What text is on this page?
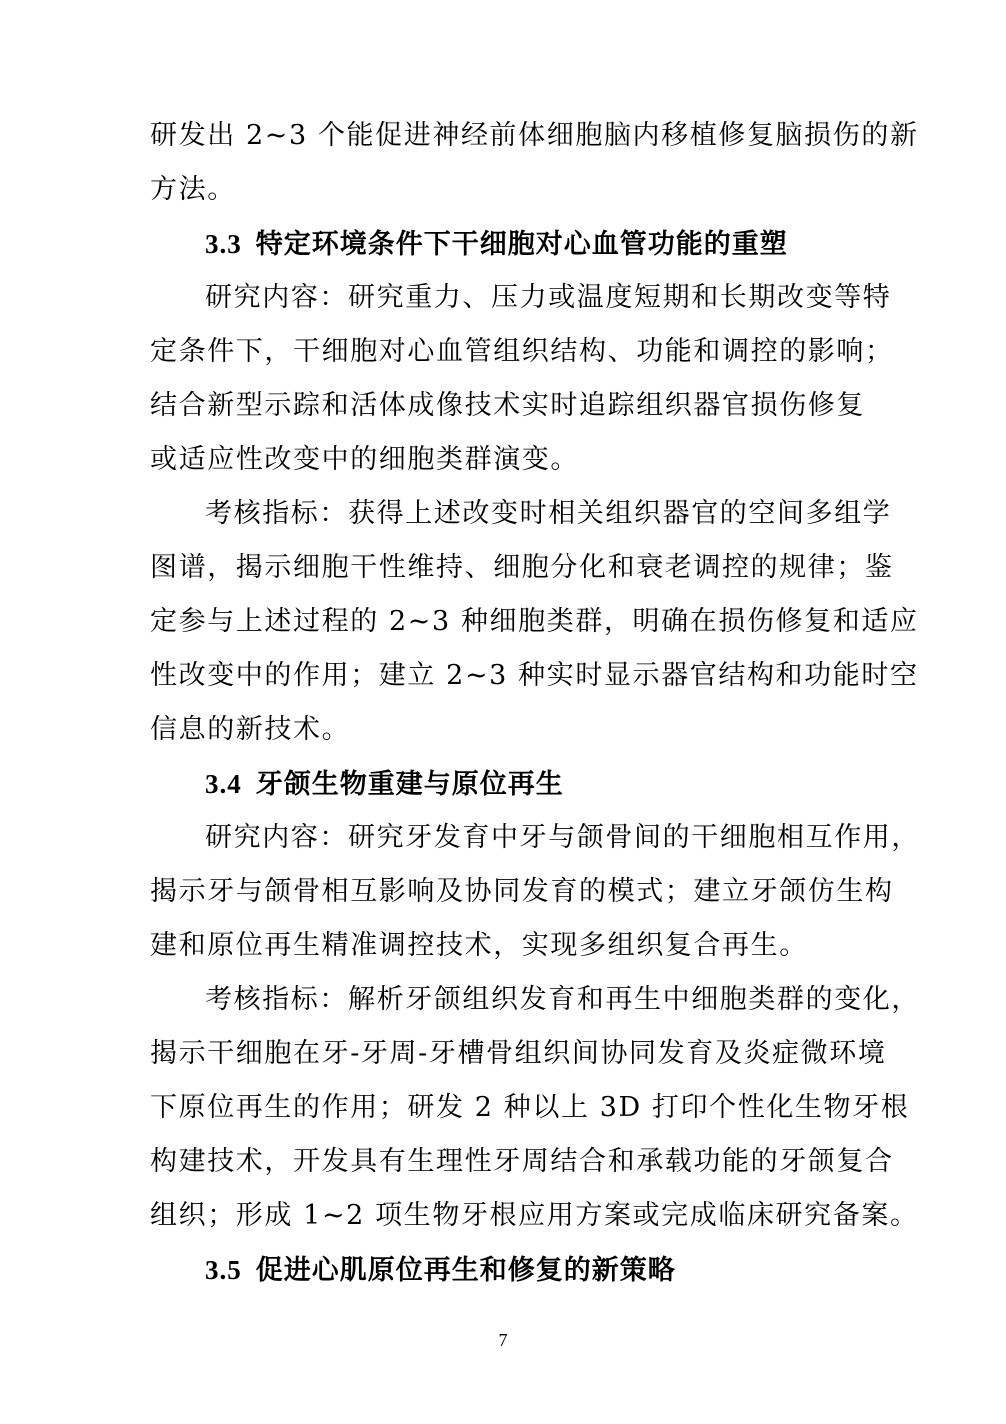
研发出 2~3 个能促进神经前体细胞脑内移植修复脑损伤的新
方法。
3.3 特定环境条件下干细胞对心血管功能的重塑
研究内容：研究重力、压力或温度短期和长期改变等特
定条件下，干细胞对心血管组织结构、功能和调控的影响；
结合新型示踪和活体成像技术实时追踪组织器官损伤修复
或适应性改变中的细胞类群演变。
考核指标：获得上述改变时相关组织器官的空间多组学
图谱，揭示细胞干性维持、细胞分化和衰老调控的规律；鉴
定参与上述过程的 2~3 种细胞类群，明确在损伤修复和适应
性改变中的作用；建立 2~3 种实时显示器官结构和功能时空
信息的新技术。
3.4 牙颌生物重建与原位再生
研究内容：研究牙发育中牙与颌骨间的干细胞相互作用，
揭示牙与颌骨相互影响及协同发育的模式；建立牙颌仿生构
建和原位再生精准调控技术，实现多组织复合再生。
考核指标：解析牙颌组织发育和再生中细胞类群的变化，
揭示干细胞在牙-牙周-牙槽骨组织间协同发育及炎症微环境
下原位再生的作用；研发 2 种以上 3D 打印个性化生物牙根
构建技术，开发具有生理性牙周结合和承载功能的牙颌复合
组织；形成 1~2 项生物牙根应用方案或完成临床研究备案。
3.5 促进心肌原位再生和修复的新策略
7
